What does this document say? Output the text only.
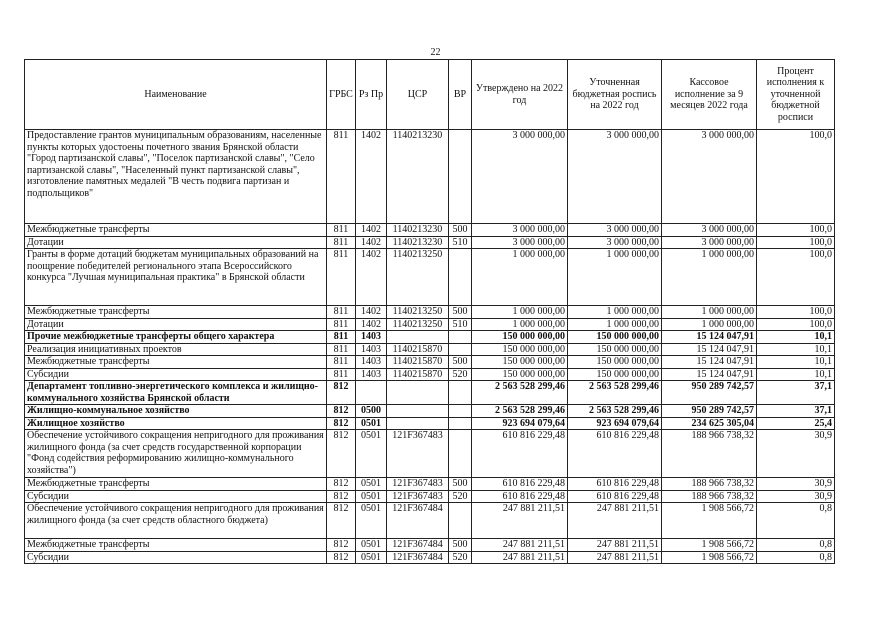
22
Наименование	ГРБС	Рз Пр	ЦСР	ВР	Утверждено на 2022 год	Уточненная бюджетная роспись на 2022 год	Кассовое исполнение за 9 месяцев 2022 года	Процент исполнения к уточненной бюджетной росписи
Предоставление грантов муниципальным образованиям, населенные пункты которых удостоены почетного звания Брянской области "Город партизанской славы", "Поселок партизанской славы", "Село партизанской славы", "Населенный пункт партизанской славы", изготовление памятных медалей "В честь подвига партизан и подпольщиков"	811	1402	1140213230		3 000 000,00	3 000 000,00	3 000 000,00	100,0
Межбюджетные трансферты	811	1402	1140213230	500	3 000 000,00	3 000 000,00	3 000 000,00	100,0
Дотации	811	1402	1140213230	510	3 000 000,00	3 000 000,00	3 000 000,00	100,0
Гранты в форме дотаций бюджетам муниципальных образований на поощрение победителей регионального этапа Всероссийского конкурса "Лучшая муниципальная практика" в Брянской области	811	1402	1140213250		1 000 000,00	1 000 000,00	1 000 000,00	100,0
Межбюджетные трансферты	811	1402	1140213250	500	1 000 000,00	1 000 000,00	1 000 000,00	100,0
Дотации	811	1402	1140213250	510	1 000 000,00	1 000 000,00	1 000 000,00	100,0
Прочие межбюджетные трансферты общего характера	811	1403			150 000 000,00	150 000 000,00	15 124 047,91	10,1
Реализация инициативных проектов	811	1403	1140215870		150 000 000,00	150 000 000,00	15 124 047,91	10,1
Межбюджетные трансферты	811	1403	1140215870	500	150 000 000,00	150 000 000,00	15 124 047,91	10,1
Субсидии	811	1403	1140215870	520	150 000 000,00	150 000 000,00	15 124 047,91	10,1
Департамент топливно-энергетического комплекса и жилищно-коммунального хозяйства Брянской области	812				2 563 528 299,46	2 563 528 299,46	950 289 742,57	37,1
Жилищно-коммунальное хозяйство	812	0500			2 563 528 299,46	2 563 528 299,46	950 289 742,57	37,1
Жилищное хозяйство	812	0501			923 694 079,64	923 694 079,64	234 625 305,04	25,4
Обеспечение устойчивого сокращения непригодного для проживания жилищного фонда (за счет средств государственной корпорации "Фонд содействия реформированию жилищно-коммунального хозяйства")	812	0501	121F367483		610 816 229,48	610 816 229,48	188 966 738,32	30,9
Межбюджетные трансферты	812	0501	121F367483	500	610 816 229,48	610 816 229,48	188 966 738,32	30,9
Субсидии	812	0501	121F367483	520	610 816 229,48	610 816 229,48	188 966 738,32	30,9
Обеспечение устойчивого сокращения непригодного для проживания жилищного фонда (за счет средств областного бюджета)	812	0501	121F367484		247 881 211,51	247 881 211,51	1 908 566,72	0,8
Межбюджетные трансферты	812	0501	121F367484	500	247 881 211,51	247 881 211,51	1 908 566,72	0,8
Субсидии	812	0501	121F367484	520	247 881 211,51	247 881 211,51	1 908 566,72	0,8
